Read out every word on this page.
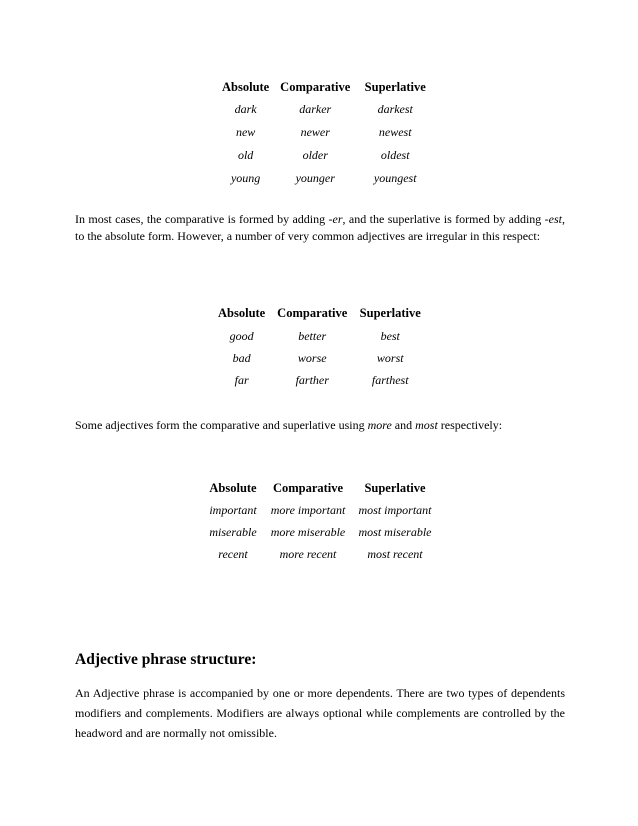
Absolute	Comparative	Superlative
dark	darker	darkest
new	newer	newest
old	older	oldest
young	younger	youngest

In most cases, the comparative is formed by adding -er, and the superlative is formed by adding -est, to the absolute form. However, a number of very common adjectives are irregular in this respect:

Absolute	Comparative	Superlative
good	better	best
bad	worse	worst
far	farther	farthest

Some adjectives form the comparative and superlative using more and most respectively:

Absolute	Comparative	Superlative
important	more important	most important
miserable	more miserable	most miserable
recent	more recent	most recent
Adjective phrase structure:

An Adjective phrase is accompanied by one or more dependents. There are two types of dependents modifiers and complements. Modifiers are always optional while complements are controlled by the headword and are normally not omissible.
